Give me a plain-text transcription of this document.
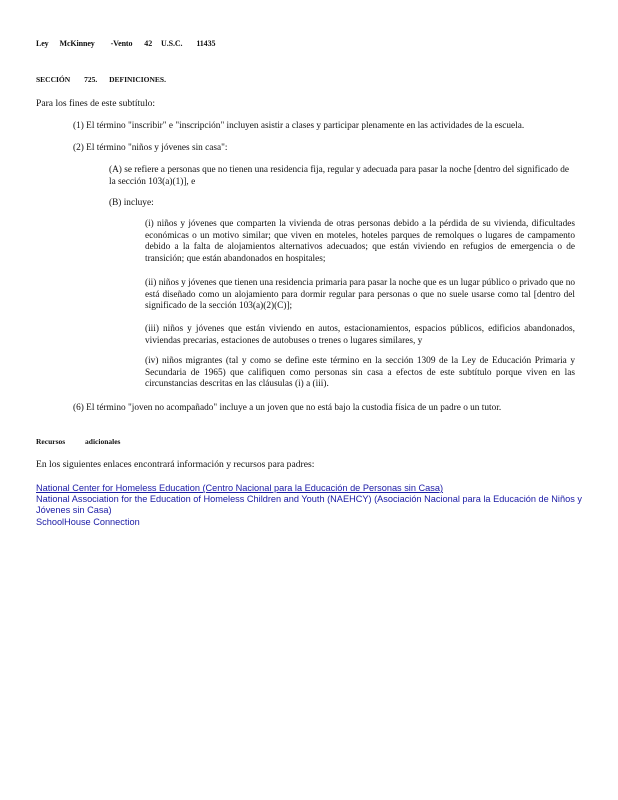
Ley McKinney -Vento 42 U.S.C. 11435
SECCIÓN 725. DEFINICIONES.
Para los fines de este subtítulo:
(1) El término "inscribir" e "inscripción" incluyen asistir a clases y participar plenamente en las actividades de la escuela.
(2) El término "niños y jóvenes sin casa":
(A) se refiere a personas que no tienen una residencia fija, regular y adecuada para pasar la noche [dentro del significado de la sección 103(a)(1)], e
(B) incluye:
(i) niños y jóvenes que comparten la vivienda de otras personas debido a la pérdida de su vivienda, dificultades económicas o un motivo similar; que viven en moteles, hoteles parques de remolques o lugares de campamento debido a la falta de alojamientos alternativos adecuados; que están viviendo en refugios de emergencia o de transición; que están abandonados en hospitales;
(ii) niños y jóvenes que tienen una residencia primaria para pasar la noche que es un lugar público o privado que no está diseñado como un alojamiento para dormir regular para personas o que no suele usarse como tal [dentro del significado de la sección 103(a)(2)(C)];
(iii) niños y jóvenes que están viviendo en autos, estacionamientos, espacios públicos, edificios abandonados, viviendas precarias, estaciones de autobuses o trenes o lugares similares, y
(iv) niños migrantes (tal y como se define este término en la sección 1309 de la Ley de Educación Primaria y Secundaria de 1965) que califiquen como personas sin casa a efectos de este subtítulo porque viven en las circunstancias descritas en las cláusulas (i) a (iii).
(6) El término "joven no acompañado" incluye a un joven que no está bajo la custodia física de un padre o un tutor.
Recursos	adicionales
En los siguientes enlaces encontrará información y recursos para padres:
National Center for Homeless Education (Centro Nacional para la Educación de Personas sin Casa)
National Association for the Education of Homeless Children and Youth (NAEHCY) (Asociación Nacional para la Educación de Niños y Jóvenes sin Casa)
SchoolHouse Connection
